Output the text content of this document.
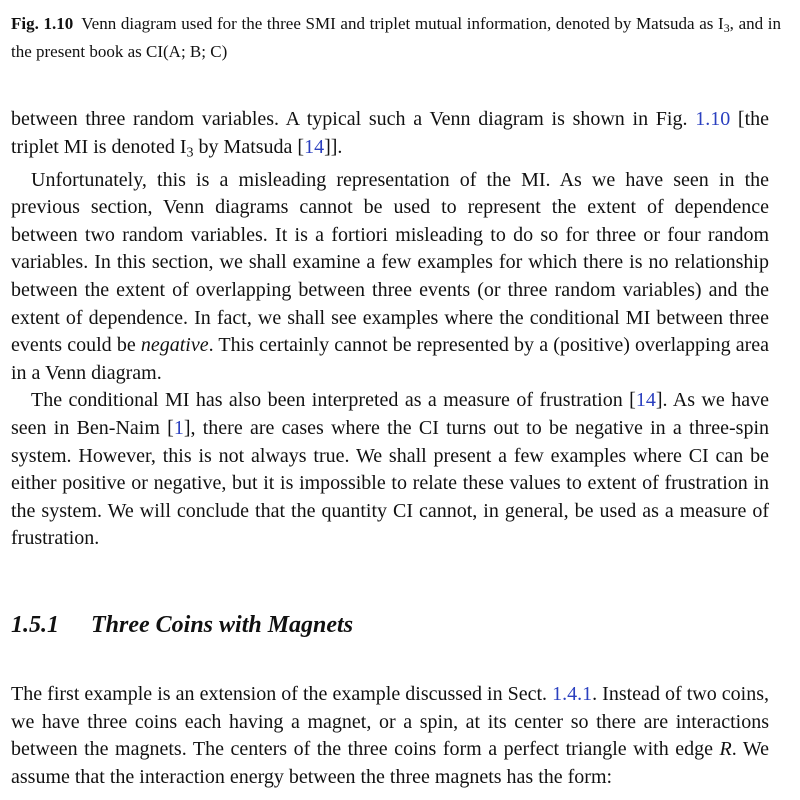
Fig. 1.10 Venn diagram used for the three SMI and triplet mutual information, denoted by Matsuda as $I_3$, and in the present book as CI(A; B; C)

between three random variables. A typical such a Venn diagram is shown in Fig. 1.10 [the triplet MI is denoted $I_3$ by Matsuda [14]].

Unfortunately, this is a misleading representation of the MI. As we have seen in the previous section, Venn diagrams cannot be used to represent the extent of dependence between two random variables. It is a fortiori misleading to do so for three or four random variables. In this section, we shall examine a few examples for which there is no relationship between the extent of overlapping between three events (or three random variables) and the extent of dependence. In fact, we shall see examples where the conditional MI between three events could be negative. This certainly cannot be represented by a (positive) overlapping area in a Venn diagram.

The conditional MI has also been interpreted as a measure of frustration [14]. As we have seen in Ben-Naim [1], there are cases where the CI turns out to be negative in a three-spin system. However, this is not always true. We shall present a few examples where CI can be either positive or negative, but it is impossible to relate these values to extent of frustration in the system. We will conclude that the quantity CI cannot, in general, be used as a measure of frustration.

1.5.1 Three Coins with Magnets

The first example is an extension of the example discussed in Sect. 1.4.1. Instead of two coins, we have three coins each having a magnet, or a spin, at its center so there are interactions between the magnets. The centers of the three coins form a perfect triangle with edge R. We assume that the interaction energy between the three magnets has the form:
